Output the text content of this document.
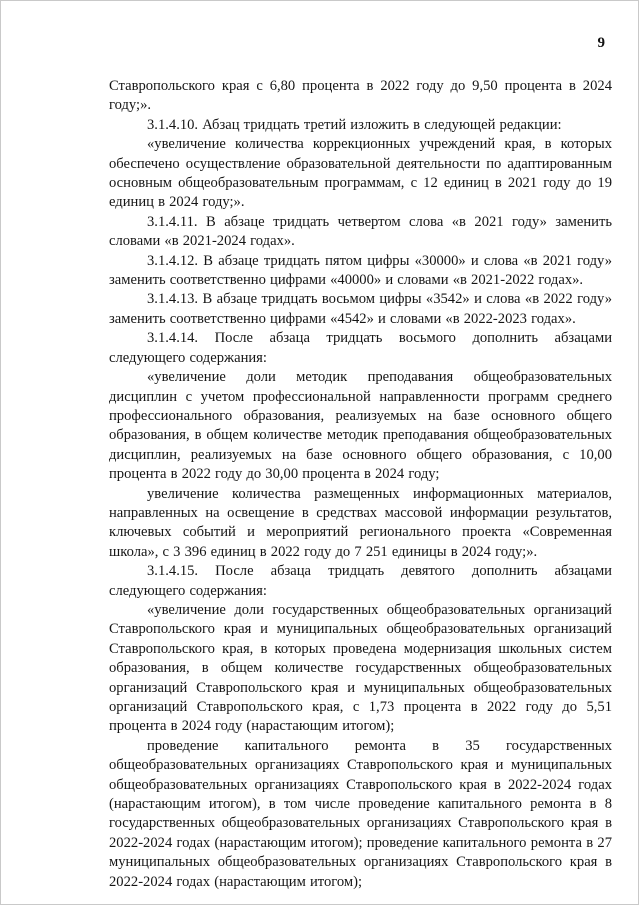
9

Ставропольского края с 6,80 процента в 2022 году до 9,50 процента в 2024 году;».

3.1.4.10. Абзац тридцать третий изложить в следующей редакции:

«увеличение количества коррекционных учреждений края, в которых обеспечено осуществление образовательной деятельности по адаптированным основным общеобразовательным программам, с 12 единиц в 2021 году до 19 единиц в 2024 году;».

3.1.4.11. В абзаце тридцать четвертом слова «в 2021 году» заменить словами «в 2021-2024 годах».

3.1.4.12. В абзаце тридцать пятом цифры «30000» и слова «в 2021 году» заменить соответственно цифрами «40000» и словами «в 2021-2022 годах».

3.1.4.13. В абзаце тридцать восьмом цифры «3542» и слова «в 2022 году» заменить соответственно цифрами «4542» и словами «в 2022-2023 годах».

3.1.4.14. После абзаца тридцать восьмого дополнить абзацами следующего содержания:

«увеличение доли методик преподавания общеобразовательных дисциплин с учетом профессиональной направленности программ среднего профессионального образования, реализуемых на базе основного общего образования, в общем количестве методик преподавания общеобразовательных дисциплин, реализуемых на базе основного общего образования, с 10,00 процента в 2022 году до 30,00 процента в 2024 году;

увеличение количества размещенных информационных материалов, направленных на освещение в средствах массовой информации результатов, ключевых событий и мероприятий регионального проекта «Современная школа», с 3 396 единиц в 2022 году до 7 251 единицы в 2024 году;».

3.1.4.15. После абзаца тридцать девятого дополнить абзацами следующего содержания:

«увеличение доли государственных общеобразовательных организаций Ставропольского края и муниципальных общеобразовательных организаций Ставропольского края, в которых проведена модернизация школьных систем образования, в общем количестве государственных общеобразовательных организаций Ставропольского края и муниципальных общеобразовательных организаций Ставропольского края, с 1,73 процента в 2022 году до 5,51 процента в 2024 году (нарастающим итогом);

проведение капитального ремонта в 35 государственных общеобразовательных организациях Ставропольского края и муниципальных общеобразовательных организациях Ставропольского края в 2022-2024 годах (нарастающим итогом), в том числе проведение капитального ремонта в 8 государственных общеобразовательных организациях Ставропольского края в 2022-2024 годах (нарастающим итогом); проведение капитального ремонта в 27 муниципальных общеобразовательных организациях Ставропольского края в 2022-2024 годах (нарастающим итогом);
